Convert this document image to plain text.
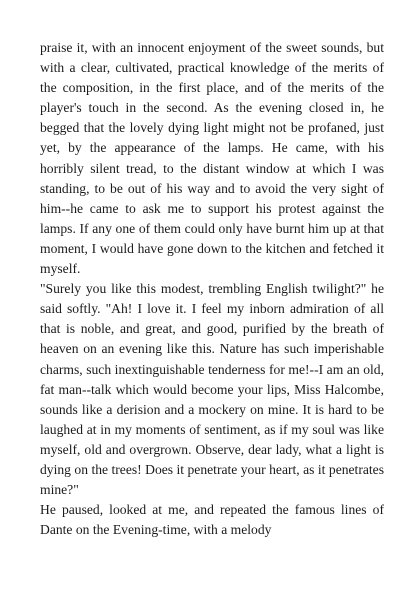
praise it, with an innocent enjoyment of the sweet sounds, but with a clear, cultivated, practical knowledge of the merits of the composition, in the first place, and of the merits of the player's touch in the second. As the evening closed in, he begged that the lovely dying light might not be profaned, just yet, by the appearance of the lamps. He came, with his horribly silent tread, to the distant window at which I was standing, to be out of his way and to avoid the very sight of him--he came to ask me to support his protest against the lamps. If any one of them could only have burnt him up at that moment, I would have gone down to the kitchen and fetched it myself.

"Surely you like this modest, trembling English twilight?" he said softly. "Ah! I love it. I feel my inborn admiration of all that is noble, and great, and good, purified by the breath of heaven on an evening like this. Nature has such imperishable charms, such inextinguishable tenderness for me!--I am an old, fat man--talk which would become your lips, Miss Halcombe, sounds like a derision and a mockery on mine. It is hard to be laughed at in my moments of sentiment, as if my soul was like myself, old and overgrown. Observe, dear lady, what a light is dying on the trees! Does it penetrate your heart, as it penetrates mine?"

He paused, looked at me, and repeated the famous lines of Dante on the Evening-time, with a melody
